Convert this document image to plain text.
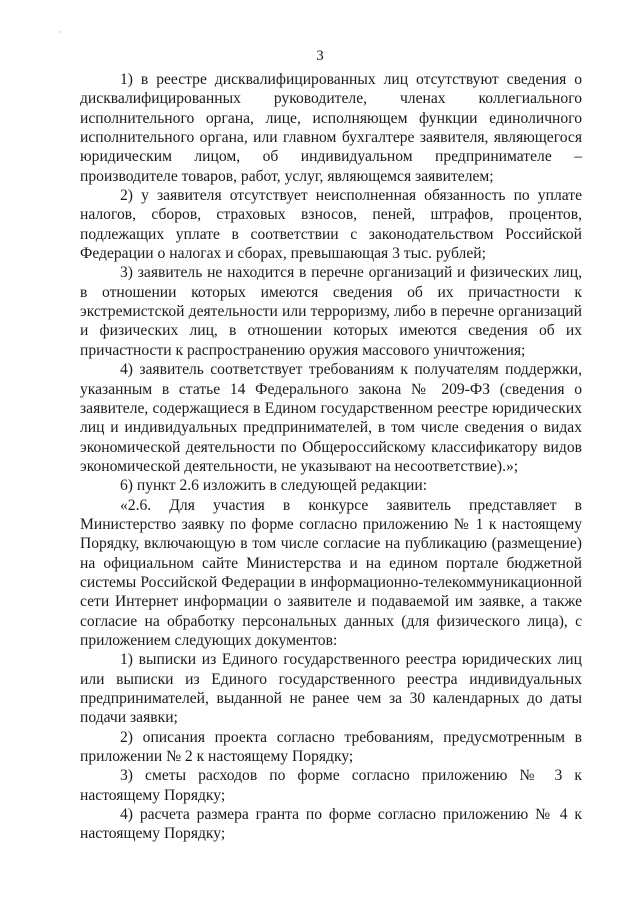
·
3

1) в реестре дисквалифицированных лиц отсутствуют сведения о дисквалифицированных руководителе, членах коллегиального исполнительного органа, лице, исполняющем функции единоличного исполнительного органа, или главном бухгалтере заявителя, являющегося юридическим лицом, об индивидуальном предпринимателе – производителе товаров, работ, услуг, являющемся заявителем;

2) у заявителя отсутствует неисполненная обязанность по уплате налогов, сборов, страховых взносов, пеней, штрафов, процентов, подлежащих уплате в соответствии с законодательством Российской Федерации о налогах и сборах, превышающая 3 тыс. рублей;

3) заявитель не находится в перечне организаций и физических лиц, в отношении которых имеются сведения об их причастности к экстремистской деятельности или терроризму, либо в перечне организаций и физических лиц, в отношении которых имеются сведения об их причастности к распространению оружия массового уничтожения;

4) заявитель соответствует требованиям к получателям поддержки, указанным в статье 14 Федерального закона № 209-ФЗ (сведения о заявителе, содержащиеся в Едином государственном реестре юридических лиц и индивидуальных предпринимателей, в том числе сведения о видах экономической деятельности по Общероссийскому классификатору видов экономической деятельности, не указывают на несоответствие).»;

6) пункт 2.6 изложить в следующей редакции:

«2.6. Для участия в конкурсе заявитель представляет в Министерство заявку по форме согласно приложению № 1 к настоящему Порядку, включающую в том числе согласие на публикацию (размещение) на официальном сайте Министерства и на едином портале бюджетной системы Российской Федерации в информационно-телекоммуникационной сети Интернет информации о заявителе и подаваемой им заявке, а также согласие на обработку персональных данных (для физического лица), с приложением следующих документов:

1) выписки из Единого государственного реестра юридических лиц или выписки из Единого государственного реестра индивидуальных предпринимателей, выданной не ранее чем за 30 календарных до даты подачи заявки;

2) описания проекта согласно требованиям, предусмотренным в приложении № 2 к настоящему Порядку;

3) сметы расходов по форме согласно приложению № 3 к настоящему Порядку;

4) расчета размера гранта по форме согласно приложению № 4 к настоящему Порядку;
